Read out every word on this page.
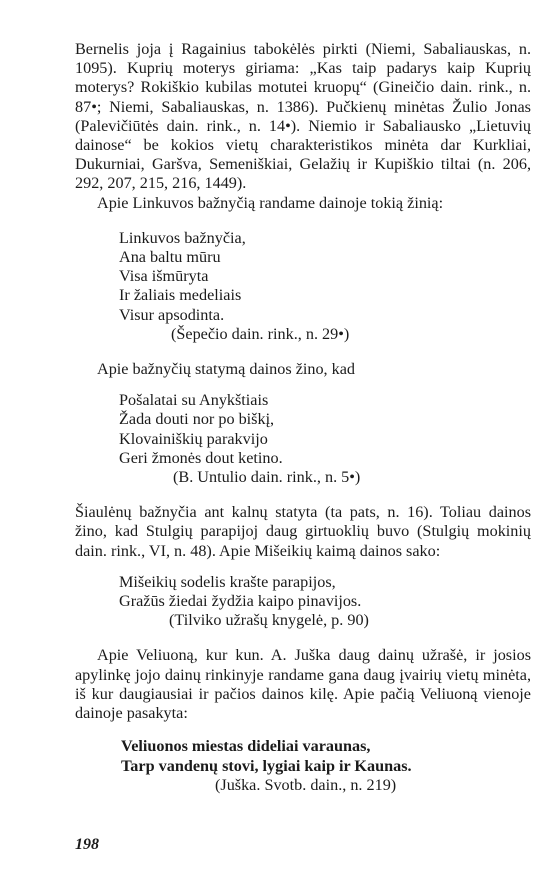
Bernelis joja į Ragainius tabokėlės pirkti (Niemi, Sabaliauskas, n. 1095). Kuprių moterys giriama: „Kas taip padarys kaip Kuprių moterys? Rokiškio kubilas motutei kruopų“ (Gineičio dain. rink., n. 87•; Niemi, Sabaliauskas, n. 1386). Pučkienų minėtas Žulio Jonas (Palevičiūtės dain. rink., n. 14•). Niemio ir Sabaliausko „Lietuvių dainose“ be kokios vietų charakteristikos minėta dar Kurkliai, Dukurniai, Garšva, Semeniškiai, Gelažių ir Kupiškio tiltai (n. 206, 292, 207, 215, 216, 1449).

Apie Linkuvos bažnyčią randame dainoje tokią žinią:

Linkuvos bažnyčia,
Ana baltu mūru
Visa išmūryta
Ir žaliais medeliais
Visur apsodinta.
(Šepečio dain. rink., n. 29•)

Apie bažnyčių statymą dainos žino, kad

Pošalatai su Anykštiais
Žada douti nor po biškį,
Klovainiškių parakvijo
Geri žmonės dout ketino.
(B. Untulio dain. rink., n. 5•)

Šiaulėnų bažnyčia ant kalnų statyta (ta pats, n. 16). Toliau dainos žino, kad Stulgių parapijoj daug girtuoklių buvo (Stulgių mokinių dain. rink., VI, n. 48). Apie Mišeikių kaimą dainos sako:

Mišeikių sodelis krašte parapijos,
Gražūs žiedai žydžia kaipo pinavijos.
(Tilviko užrašų knygelė, p. 90)

Apie Veliuoną, kur kun. A. Juška daug dainų užrašė, ir josios apylinkę jojo dainų rinkinyje randame gana daug įvairių vietų minėta, iš kur daugiausiai ir pačios dainos kilę. Apie pačią Veliuoną vienoje dainoje pasakyta:

Veliuonos miestas dideliai varaunas,
Tarp vandenų stovi, lygiai kaip ir Kaunas.
(Juška. Svotb. dain., n. 219)
198
